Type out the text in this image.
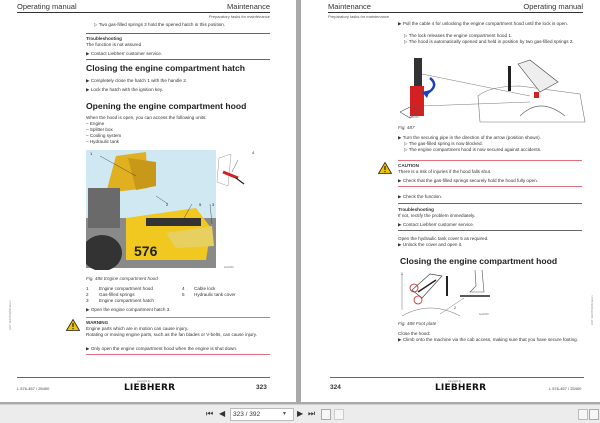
Operating manual	Maintenance
Preparatory tasks for maintenance
▷ Two gas-filled springs 3 hold the opened hatch in this position.
Troubleshooting
The function is not assured
▶ Contact Liebherr customer service.
Closing the engine compartment hatch
▶ Completely close the hatch 1 with the handle 2.
▶ Lock the hatch with the ignition key.
Opening the engine compartment hood
When the hood is open, you can access the following units:
– Engine
– Splitter box
– Cooling system
– Hydraulic tank
576
1
2	3
4
5
lwo2000
Fig. 486 Engine compartment hood
1	Engine compartment hood
2 Gas-filled springs
3 Engine compartment hatch
4 Cable lock
5 Hydraulic tank cover
▶ Open the engine compartment hatch 3.
WARNING
Engine parts which are in motion can cause injury.
Rotating or moving engine parts, such as the fan blades or V-belts, can cause injury.
▶ Only open the engine compartment hood when the engine is shut down.
LWT 1EC/T04/04/Jason
L 576-457 / 25400
copyright by
LIEBHERR	323
Maintenance	Operating manual
Preparatory tasks for maintenance
▶ Pull the cable 4 for unlocking the engine compartment hood until the lock is open.
▷ The lock releases the engine compartment hood 1.
▷ The hood is automatically opened and held in position by two gas-filled springs 2.
lwo2000
Fig. 487
▶ Turn the securing pipe in the direction of the arrow (position shown).
▷ The gas-filled spring is now blocked.
▷ The engine compartment hood is now secured against accidents.
CAUTION
There is a risk of injuries if the hood falls shut.
▶ Check that the gas-filled springs securely hold the hood fully open.
▶ Check the function.
Troubleshooting
If not, rectify the problem immediately.
▶ Contact Liebherr customer service.
Open the hydraulic tank cover 5 as required.
▶ Unlock the cover and open it.
Closing the engine compartment hood
1
2
lwo2000
Fig. 488 Foot plate
Close the hood:
▶ Climb onto the machine via the cab access, making sure that you have secure footing.
LWT 1EC/T04/04/Jason
324
copyright by
LIEBHERR	L 576-457 / 25400
⏮ ◀	323 / 392	▾ ▶ ⏭
